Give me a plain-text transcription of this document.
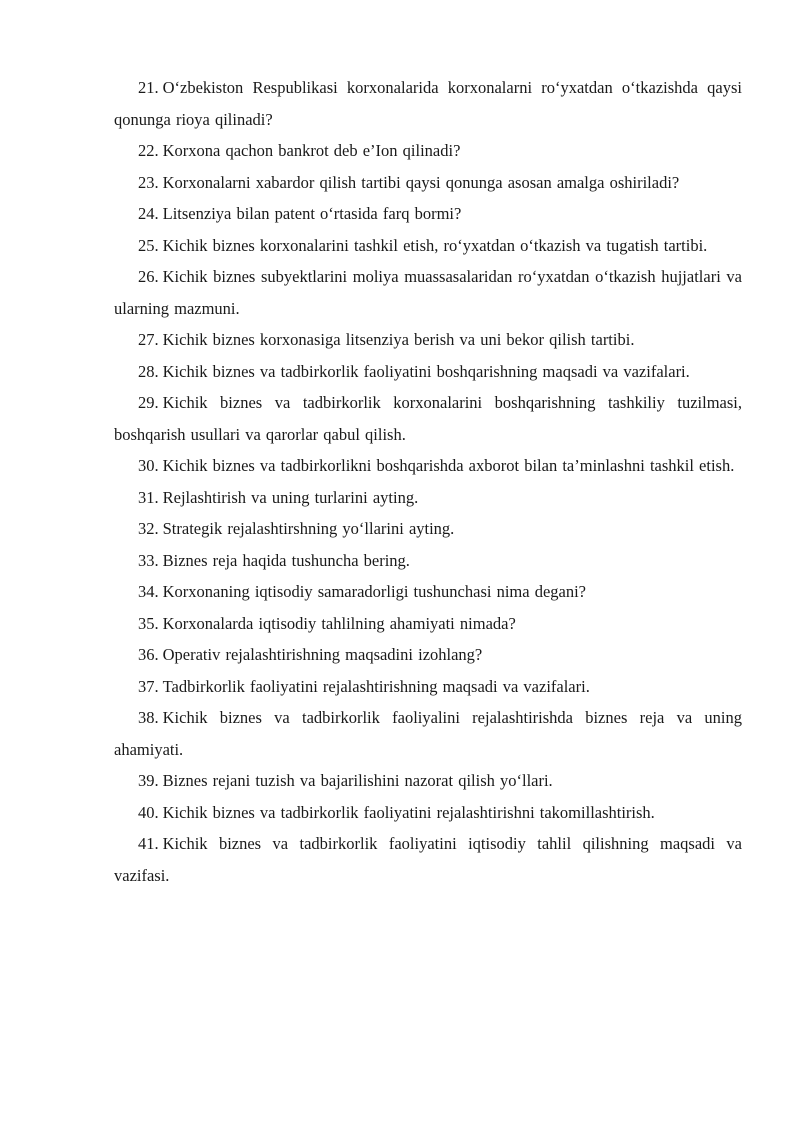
21. O‘zbekiston Respublikasi korxonalarida korxonalarni ro‘yxatdan o‘tkazishda qaysi qonunga rioya qilinadi?

22. Korxona qachon bankrot deb e’Ion qilinadi?

23. Korxonalarni xabardor qilish tartibi qaysi qonunga asosan amalga oshiriladi?

24. Litsenziya bilan patent o‘rtasida farq bormi?

25. Kichik biznes korxonalarini tashkil etish, ro‘yxatdan o‘tkazish va tugatish tartibi.

26. Kichik biznes subyektlarini moliya muassasalaridan ro‘yxatdan o‘tkazish hujjatlari va ularning mazmuni.

27. Kichik biznes korxonasiga litsenziya berish va uni bekor qilish tartibi.

28. Kichik biznes va tadbirkorlik faoliyatini boshqarishning maqsadi va vazifalari.

29. Kichik biznes va tadbirkorlik korxonalarini boshqarishning tashkiliy tuzilmasi, boshqarish usullari va qarorlar qabul qilish.

30. Kichik biznes va tadbirkorlikni boshqarishda axborot bilan ta’minlashni tashkil etish.

31. Rejlashtirish va uning turlarini ayting.

32. Strategik rejalashtirshning yo‘llarini ayting.

33. Biznes reja haqida tushuncha bering.

34. Korxonaning iqtisodiy samaradorligi tushunchasi nima degani?

35. Korxonalarda iqtisodiy tahlilning ahamiyati nimada?

36. Operativ rejalashtirishning maqsadini izohlang?

37. Tadbirkorlik faoliyatini rejalashtirishning maqsadi va vazifalari.

38. Kichik biznes va tadbirkorlik faoliyalini rejalashtirishda biznes reja va uning ahamiyati.

39. Biznes rejani tuzish va bajarilishini nazorat qilish yo‘llari.

40. Kichik biznes va tadbirkorlik faoliyatini rejalashtirishni takomillashtirish.

41. Kichik biznes va tadbirkorlik faoliyatini iqtisodiy tahlil qilishning maqsadi va vazifasi.
